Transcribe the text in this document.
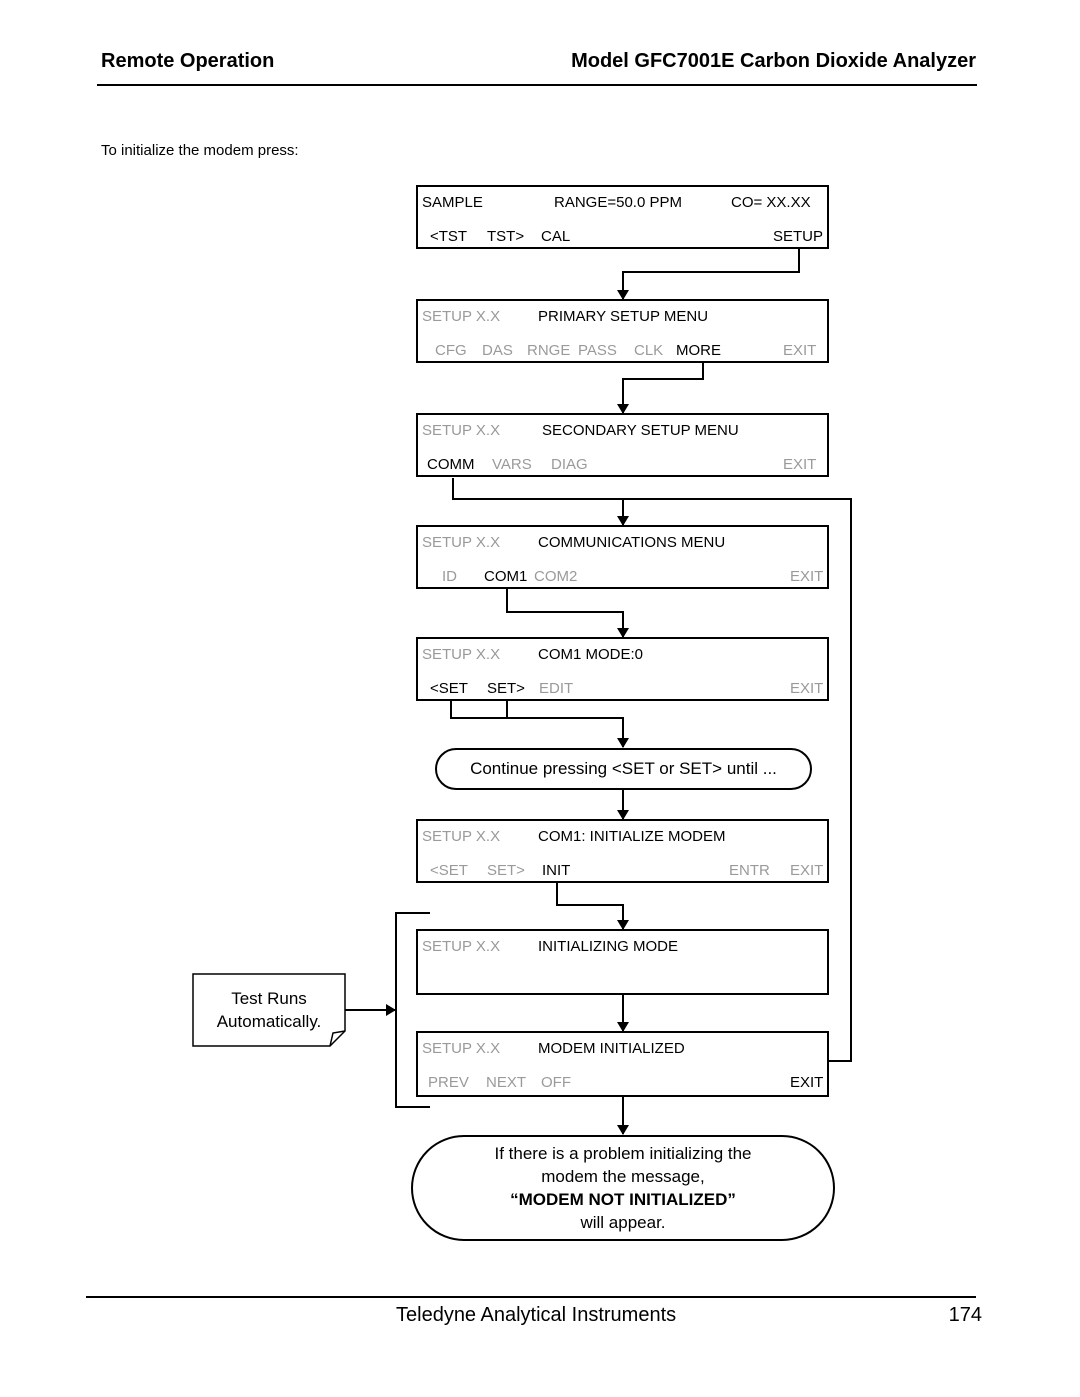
Remote Operation	Model GFC7001E Carbon Dioxide Analyzer
To initialize the modem press:
SAMPLE	RANGE=50.0 PPM	CO= XX.XX
<TST TST> CAL	SETUP
SETUP X.X	PRIMARY SETUP MENU
CFG DAS RNGE PASS CLK MORE	EXIT
SETUP X.X	SECONDARY SETUP MENU
COMM VARS DIAG	EXIT
SETUP X.X	COMMUNICATIONS MENU
ID COM1 COM2	EXIT
SETUP X.X	COM1 MODE:0
<SET SET> EDIT	EXIT
Continue pressing <SET or SET> until ...
SETUP X.X	COM1: INITIALIZE MODEM
<SET SET> INIT	ENTR EXIT
SETUP X.X	INITIALIZING MODE
SETUP X.X	MODEM INITIALIZED
PREV NEXT OFF	EXIT
Test Runs
Automatically.
If there is a problem initializing the
modem the message,
“MODEM NOT INITIALIZED”
will appear.
Teledyne Analytical Instruments	174
